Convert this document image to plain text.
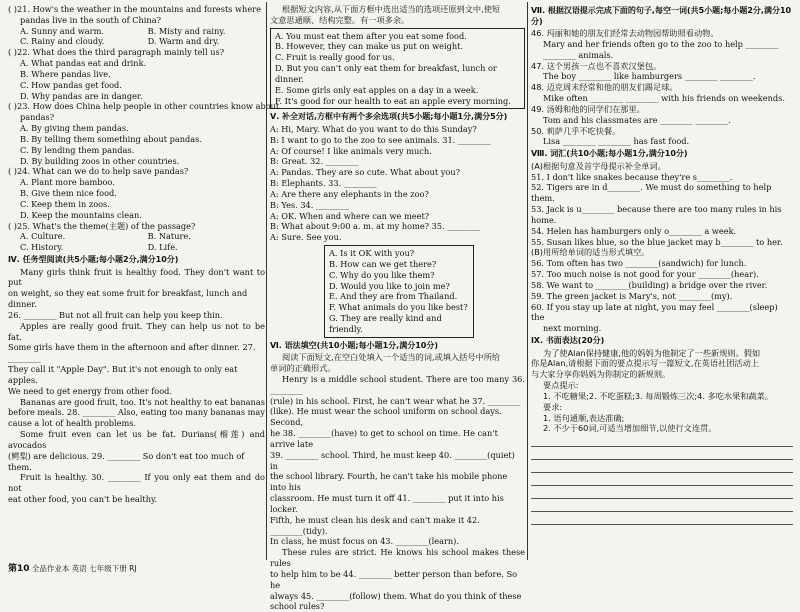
( )21. How's the weather in the mountains and forests where

pandas live in the south of China?

A. Sunny and warm.	B. Misty and rainy.

C. Rainy and cloudy.	D. Warm and dry.

( )22. What does the third paragraph mainly tell us?

A. What pandas eat and drink.

B. Where pandas live.

C. How pandas get food.

D. Why pandas are in danger.

( )23. How does China help people in other countries know about

pandas?

A. By giving them pandas.

B. By telling them something about pandas.

C. By lending them pandas.

D. By building zoos in other countries.

( )24. What can we do to help save pandas?

A. Plant more bamboo.

B. Give them nice food.

C. Keep them in zoos.

D. Keep the mountains clean.

( )25. What's the theme(主题) of the passage?

A. Culture.	B. Nature.

C. History.	D. Life.

Ⅳ. 任务型阅读(共5小题;每小题2分,满分10分)

Many girls think fruit is healthy food. They don't want to put

on weight, so they eat some fruit for breakfast, lunch and dinner.

26. ________ But not all fruit can help you keep thin.

Apples are really good fruit. They can help us not to be fat.

Some girls have them in the afternoon and after dinner. 27. ________

They call it "Apple Day". But it's not enough to only eat apples.

We need to get energy from other food.

Bananas are good fruit, too. It's not healthy to eat bananas

before meals. 28. ________ Also, eating too many bananas may

cause a lot of health problems.

Some fruit even can let us be fat. Durians(榴莲) and avocados

(鳄梨) are delicious. 29. ________ So don't eat too much of them.

Fruit is healthy. 30. ________ If you only eat them and do not

eat other food, you can't be healthy.

根据短文内容,从下面方框中选出适当的选项还原到文中,使短

文意思通顺、结构完整。有一项多余。

A. You must eat them after you eat some food.

B. However, they can make us put on weight.

C. Fruit is really good for us.

D. But you can't only eat them for breakfast, lunch or dinner.

E. Some girls only eat apples on a day in a week.

F. It's good for our health to eat an apple every morning.

Ⅴ. 补全对话,方框中有两个多余选项(共5小题;每小题1分,满分5分)

A: Hi, Mary. What do you want to do this Sunday?

B: I want to go to the zoo to see animals. 31. ________

A: Of course! I like animals very much.

B: Great. 32. ________

A: Pandas. They are so cute. What about you?

B: Elephants. 33. ________

A: Are there any elephants in the zoo?

B: Yes. 34. ________

A: OK. When and where can we meet?

B: What about 9:00 a. m. at my home? 35. ________

A: Sure. See you.

A. Is it OK with you?

B. How can we get there?

C. Why do you like them?

D. Would you like to join me?

E. And they are from Thailand.

F. What animals do you like best?

G. They are really kind and friendly.

Ⅵ. 语法填空(共10小题;每小题1分,满分10分)

阅读下面短文,在空白处填入一个适当的词,或填入括号中所给

单词的正确形式。

Henry is a middle school student. There are too many 36. ________

(rule) in his school. First, he can't wear what he 37. ________

(like). He must wear the school uniform on school days. Second,

he 38. ________(have) to get to school on time. He can't arrive late

39. ________ school. Third, he must keep 40. ________(quiet) in

the school library. Fourth, he can't take his mobile phone into his

classroom. He must turn it off 41. ________ put it into his locker.

Fifth, he must clean his desk and can't make it 42. ________(tidy).

In class, he must focus on 43. ________(learn).

These rules are strict. He knows his school makes these rules

to help him to be 44. ________ better person than before. So he

always 45. ________(follow) them. What do you think of these

school rules?

Ⅶ. 根据汉语提示完成下面的句子,每空一词(共5小题;每小题2分,满分10分)

46. 玛丽和她的朋友们经常去动物园帮助照看动物。

Mary and her friends often go to the zoo to help ________

________ animals.

47. 这个男孩一点也不喜欢汉堡包。

The boy ________ like hamburgers ________ ________.

48. 迈克周末经常和他的朋友们踢足球。

Mike often ________ ________ with his friends on weekends.

49. 汤姆和他的同学们在那里。

Tom and his classmates are ________ ________.

50. 莉萨几乎不吃快餐。

Lisa ________ ________ has fast food.

Ⅷ. 词汇(共10小题;每小题1分,满分10分)

(A)根据句意及首字母提示补全单词。

51. I don't like snakes because they're s________.

52. Tigers are in d________. We must do something to help them.

53. Jack is u________ because there are too many rules in his home.

54. Helen has hamburgers only o________ a week.

55. Susan likes blue, so the blue jacket may b________ to her.

(B)用所给单词的适当形式填空。

56. Tom often has two ________(sandwich) for lunch.

57. Too much noise is not good for your ________(hear).

58. We want to ________(building) a bridge over the river.

59. The green jacket is Mary's, not ________(my).

60. If you stay up late at night, you may feel ________(sleep) the

next morning.

Ⅸ. 书面表达(20分)

为了使Alan保持健康,他的妈妈为他制定了一些新规则。假如

你是Alan,请根据下面的要点提示写一篇短文,在英语社团活动上

与大家分享你妈妈为你制定的新规则。

要点提示:

1. 不吃糖果;2. 不吃蛋糕;3. 每周锻炼三次;4. 多吃水果和蔬菜。

要求:

1. 语句通顺,表达准确;

2. 不少于60词,可适当增加细节,以使行文连贯。

第10 全品作业本 英语 七年级下册 RJ
